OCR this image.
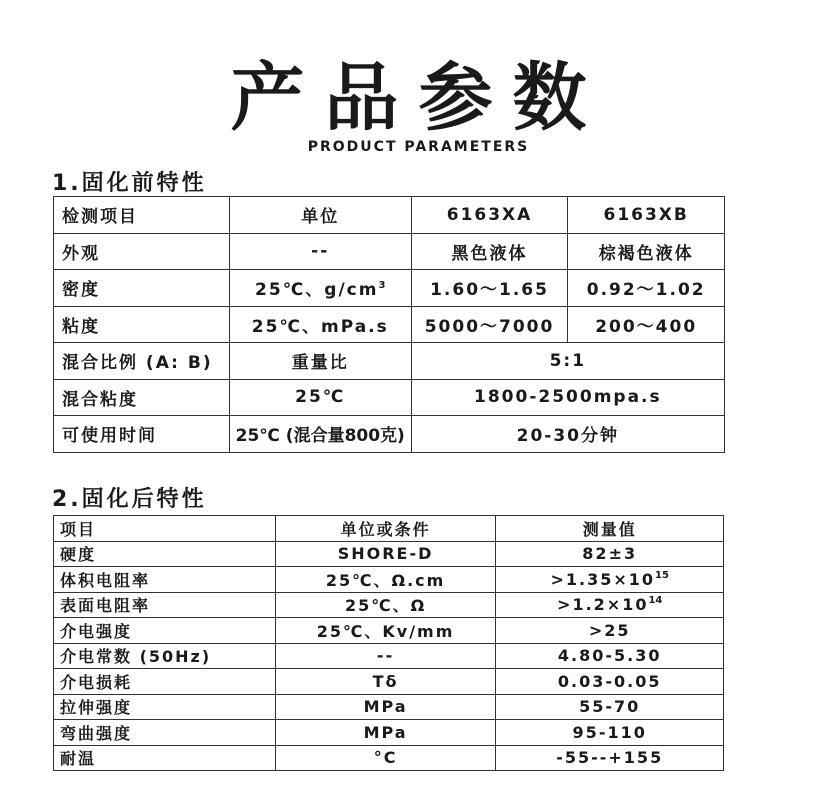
产品参数
PRODUCT PARAMETERS
1.固化前特性
检测项目	单位	6163XA	6163XB
外观	--	黑色液体	棕褐色液体
密度	25℃、$g/cm^3$	1.60～1.65	0.92～1.02
粘度	25℃、mPa.s	5000～7000	200～400
混合比例 (A: B)	重量比	5:1	
混合粘度	25℃	1800-2500mpa.s	
可使用时间	25℃ (混合量800克)	20-30分钟	
2.固化后特性
项目	单位或条件	测量值
硬度	SHORE-D	82±3
体积电阻率	25℃、Ω.cm	$>1.35\times 10^{15}$
表面电阻率	25℃、Ω	$>1.2\times 10^{14}$
介电强度	25℃、Kv/mm	>25
介电常数 (50Hz)	--	4.80-5.30
介电损耗	Tδ	0.03-0.05
拉伸强度	MPa	55-70
弯曲强度	MPa	95-110
耐温	°C	-55--+155
